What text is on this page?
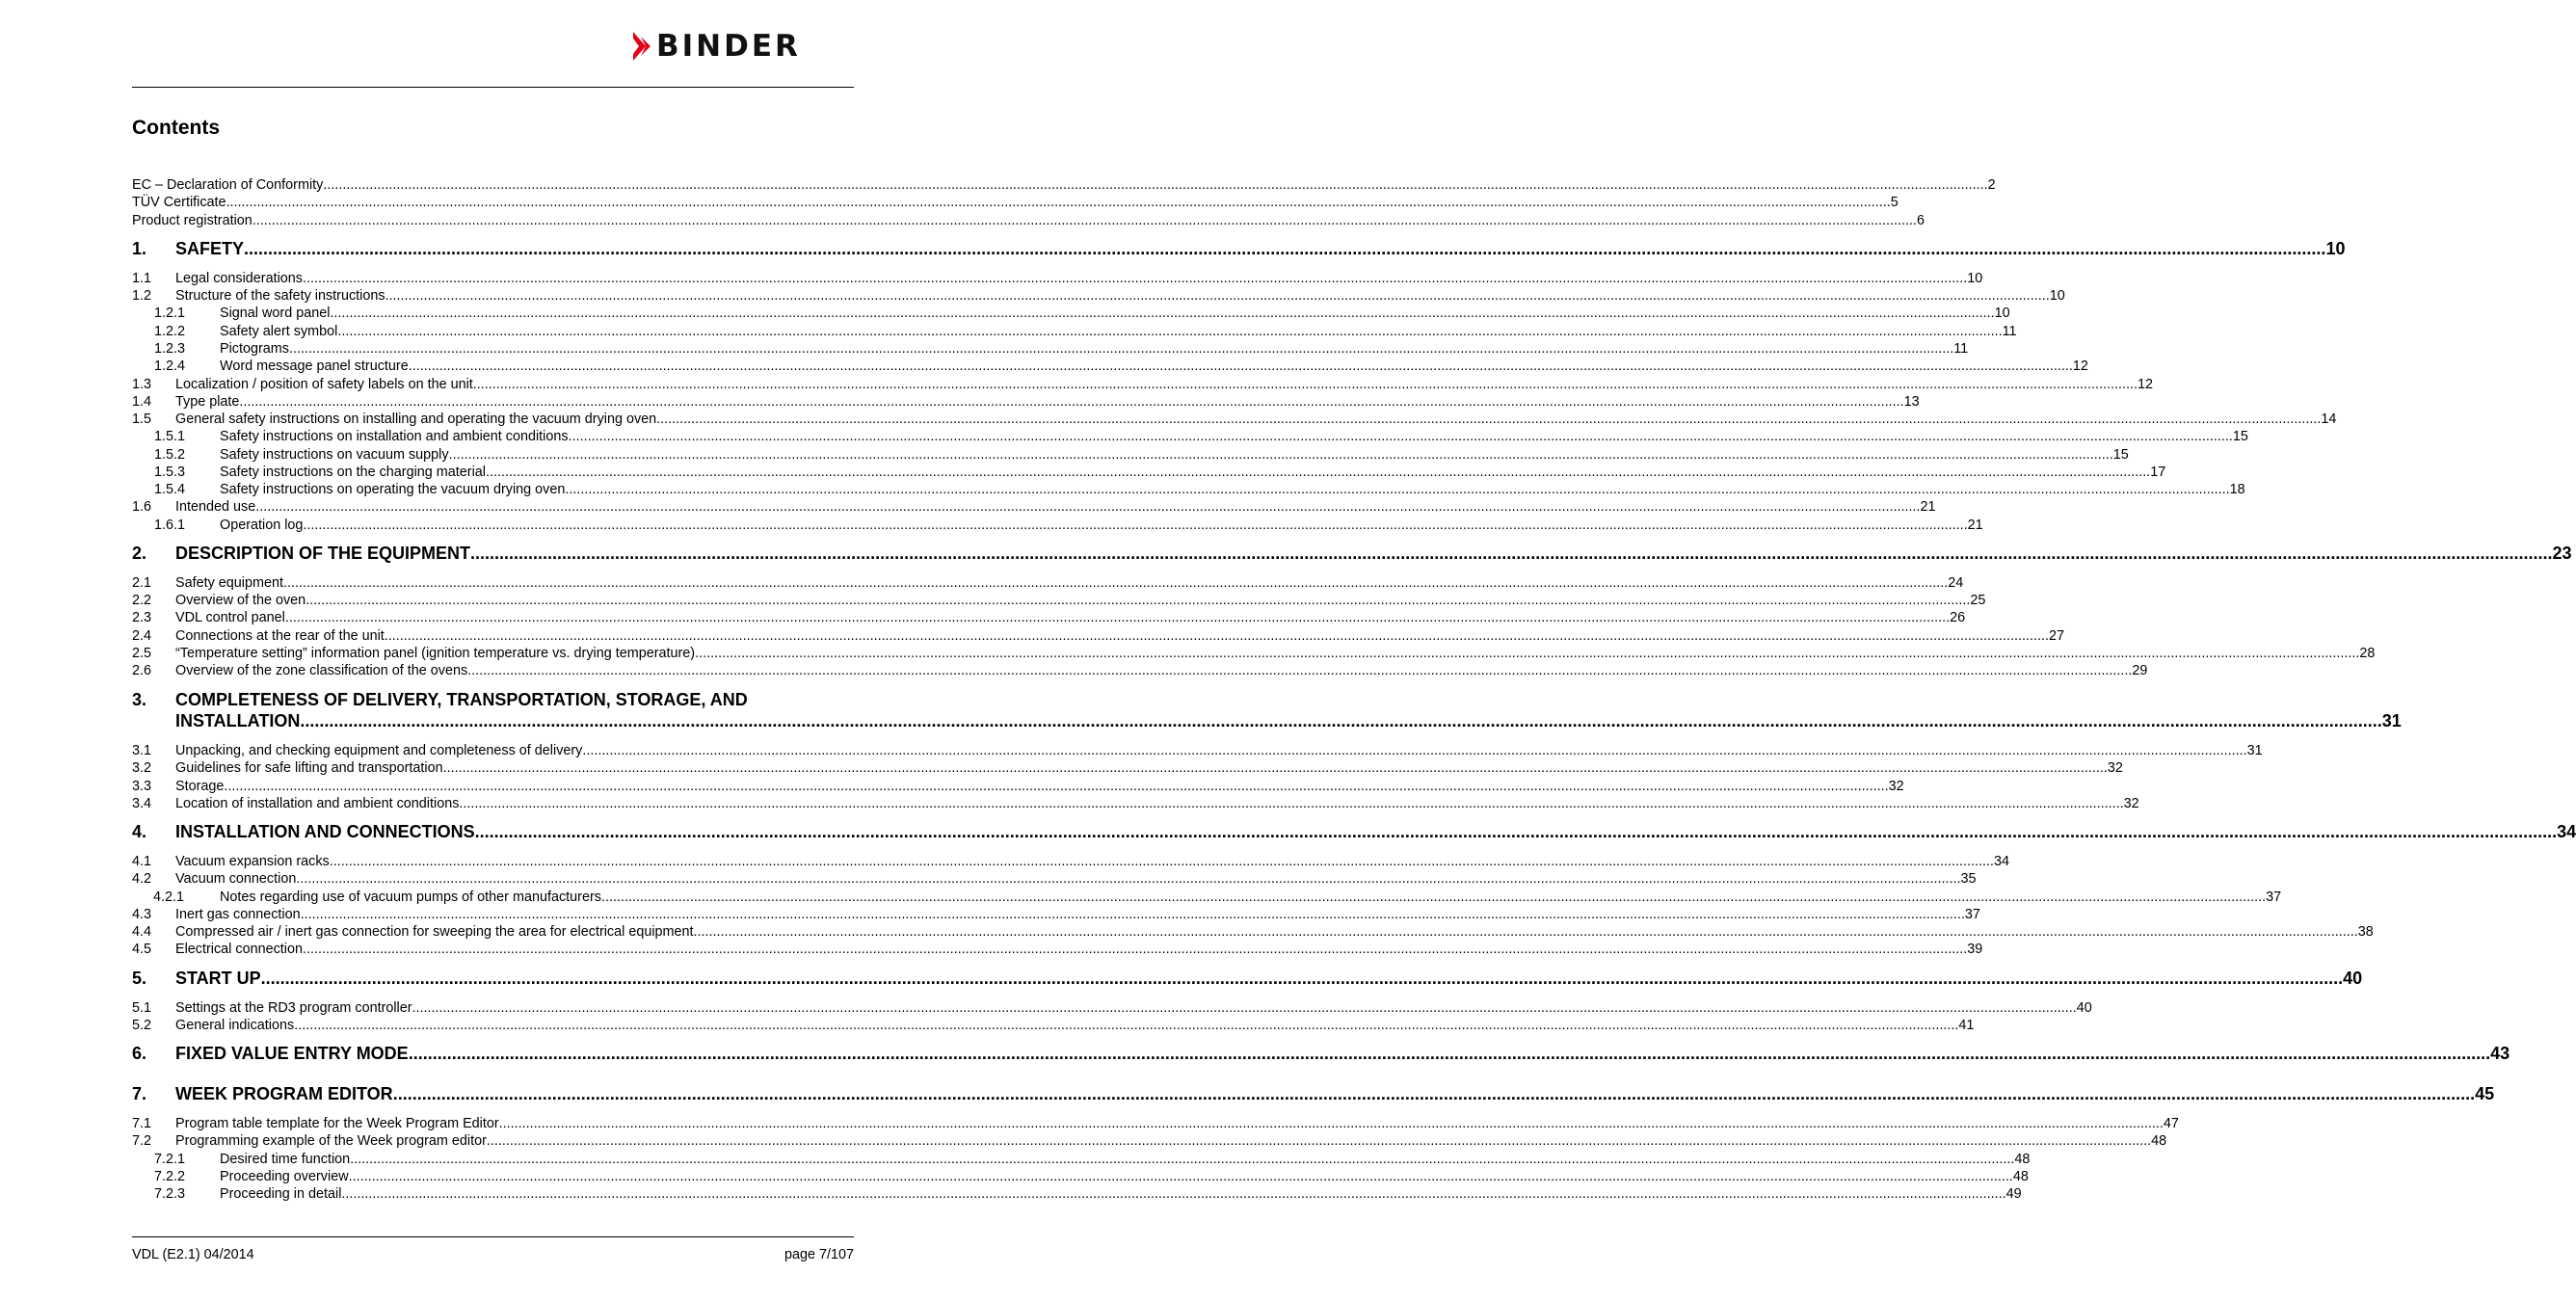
BINDER
Contents
EC – Declaration of Conformity .....	2
TÜV Certificate .....	5
Product registration .....	6
1.	SAFETY .....	10
1.1	Legal considerations .....	10
1.2	Structure of the safety instructions .....	10
1.2.1	Signal word panel .....	10
1.2.2	Safety alert symbol .....	11
1.2.3	Pictograms .....	11
1.2.4	Word message panel structure .....	12
1.3	Localization / position of safety labels on the unit .....	12
1.4	Type plate .....	13
1.5	General safety instructions on installing and operating the vacuum drying oven .....	14
1.5.1	Safety instructions on installation and ambient conditions .....	15
1.5.2	Safety instructions on vacuum supply .....	15
1.5.3	Safety instructions on the charging material .....	17
1.5.4	Safety instructions on operating the vacuum drying oven .....	18
1.6	Intended use .....	21
1.6.1	Operation log .....	21
2.	DESCRIPTION OF THE EQUIPMENT .....	23
2.1	Safety equipment .....	24
2.2	Overview of the oven .....	25
2.3	VDL control panel .....	26
2.4	Connections at the rear of the unit .....	27
2.5	“Temperature setting” information panel (ignition temperature vs. drying temperature) .....	28
2.6	Overview of the zone classification of the ovens .....	29
3.	COMPLETENESS OF DELIVERY, TRANSPORTATION, STORAGE, AND
INSTALLATION .....	31
3.1	Unpacking, and checking equipment and completeness of delivery .....	31
3.2	Guidelines for safe lifting and transportation .....	32
3.3	Storage .....	32
3.4	Location of installation and ambient conditions .....	32
4.	INSTALLATION AND CONNECTIONS .....	34
4.1	Vacuum expansion racks .....	34
4.2	Vacuum connection .....	35
4.2.1	Notes regarding use of vacuum pumps of other manufacturers .....	37
4.3	Inert gas connection .....	37
4.4	Compressed air / inert gas connection for sweeping the area for electrical equipment .....	38
4.5	Electrical connection .....	39
5.	START UP .....	40
5.1	Settings at the RD3 program controller .....	40
5.2	General indications .....	41
6.	FIXED VALUE ENTRY MODE .....	43
7.	WEEK PROGRAM EDITOR .....	45
7.1	Program table template for the Week Program Editor .....	47
7.2	Programming example of the Week program editor .....	48
7.2.1	Desired time function .....	48
7.2.2	Proceeding overview .....	48
7.2.3	Proceeding in detail .....	49
VDL (E2.1) 04/2014	page 7/107
